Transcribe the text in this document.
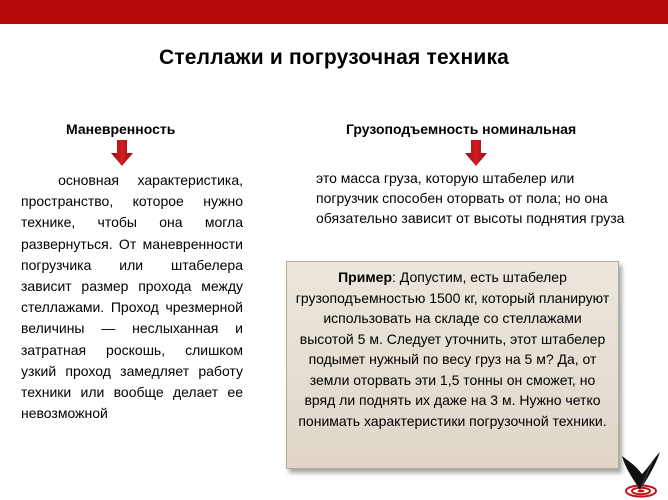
Стеллажи и погрузочная техника
Маневренность
основная характеристика, пространство, которое нужно технике, чтобы она могла развернуться. От маневренности погрузчика или штабелера зависит размер прохода между стеллажами. Проход чрезмерной величины — неслыханная и затратная роскошь, слишком узкий проход замедляет работу техники или вообще делает ее невозможной
Грузоподъемность номинальная
это масса груза, которую штабелер или погрузчик способен оторвать от пола; но она обязательно зависит от высоты поднятия груза
Пример: Допустим, есть штабелер грузоподъемностью 1500 кг, который планируют использовать на складе со стеллажами высотой 5 м. Следует уточнить, этот штабелер подымет нужный по весу груз на 5 м? Да, от земли оторвать эти 1,5 тонны он сможет, но вряд ли поднять их даже на 3 м. Нужно четко понимать характеристики погрузочной техники.
